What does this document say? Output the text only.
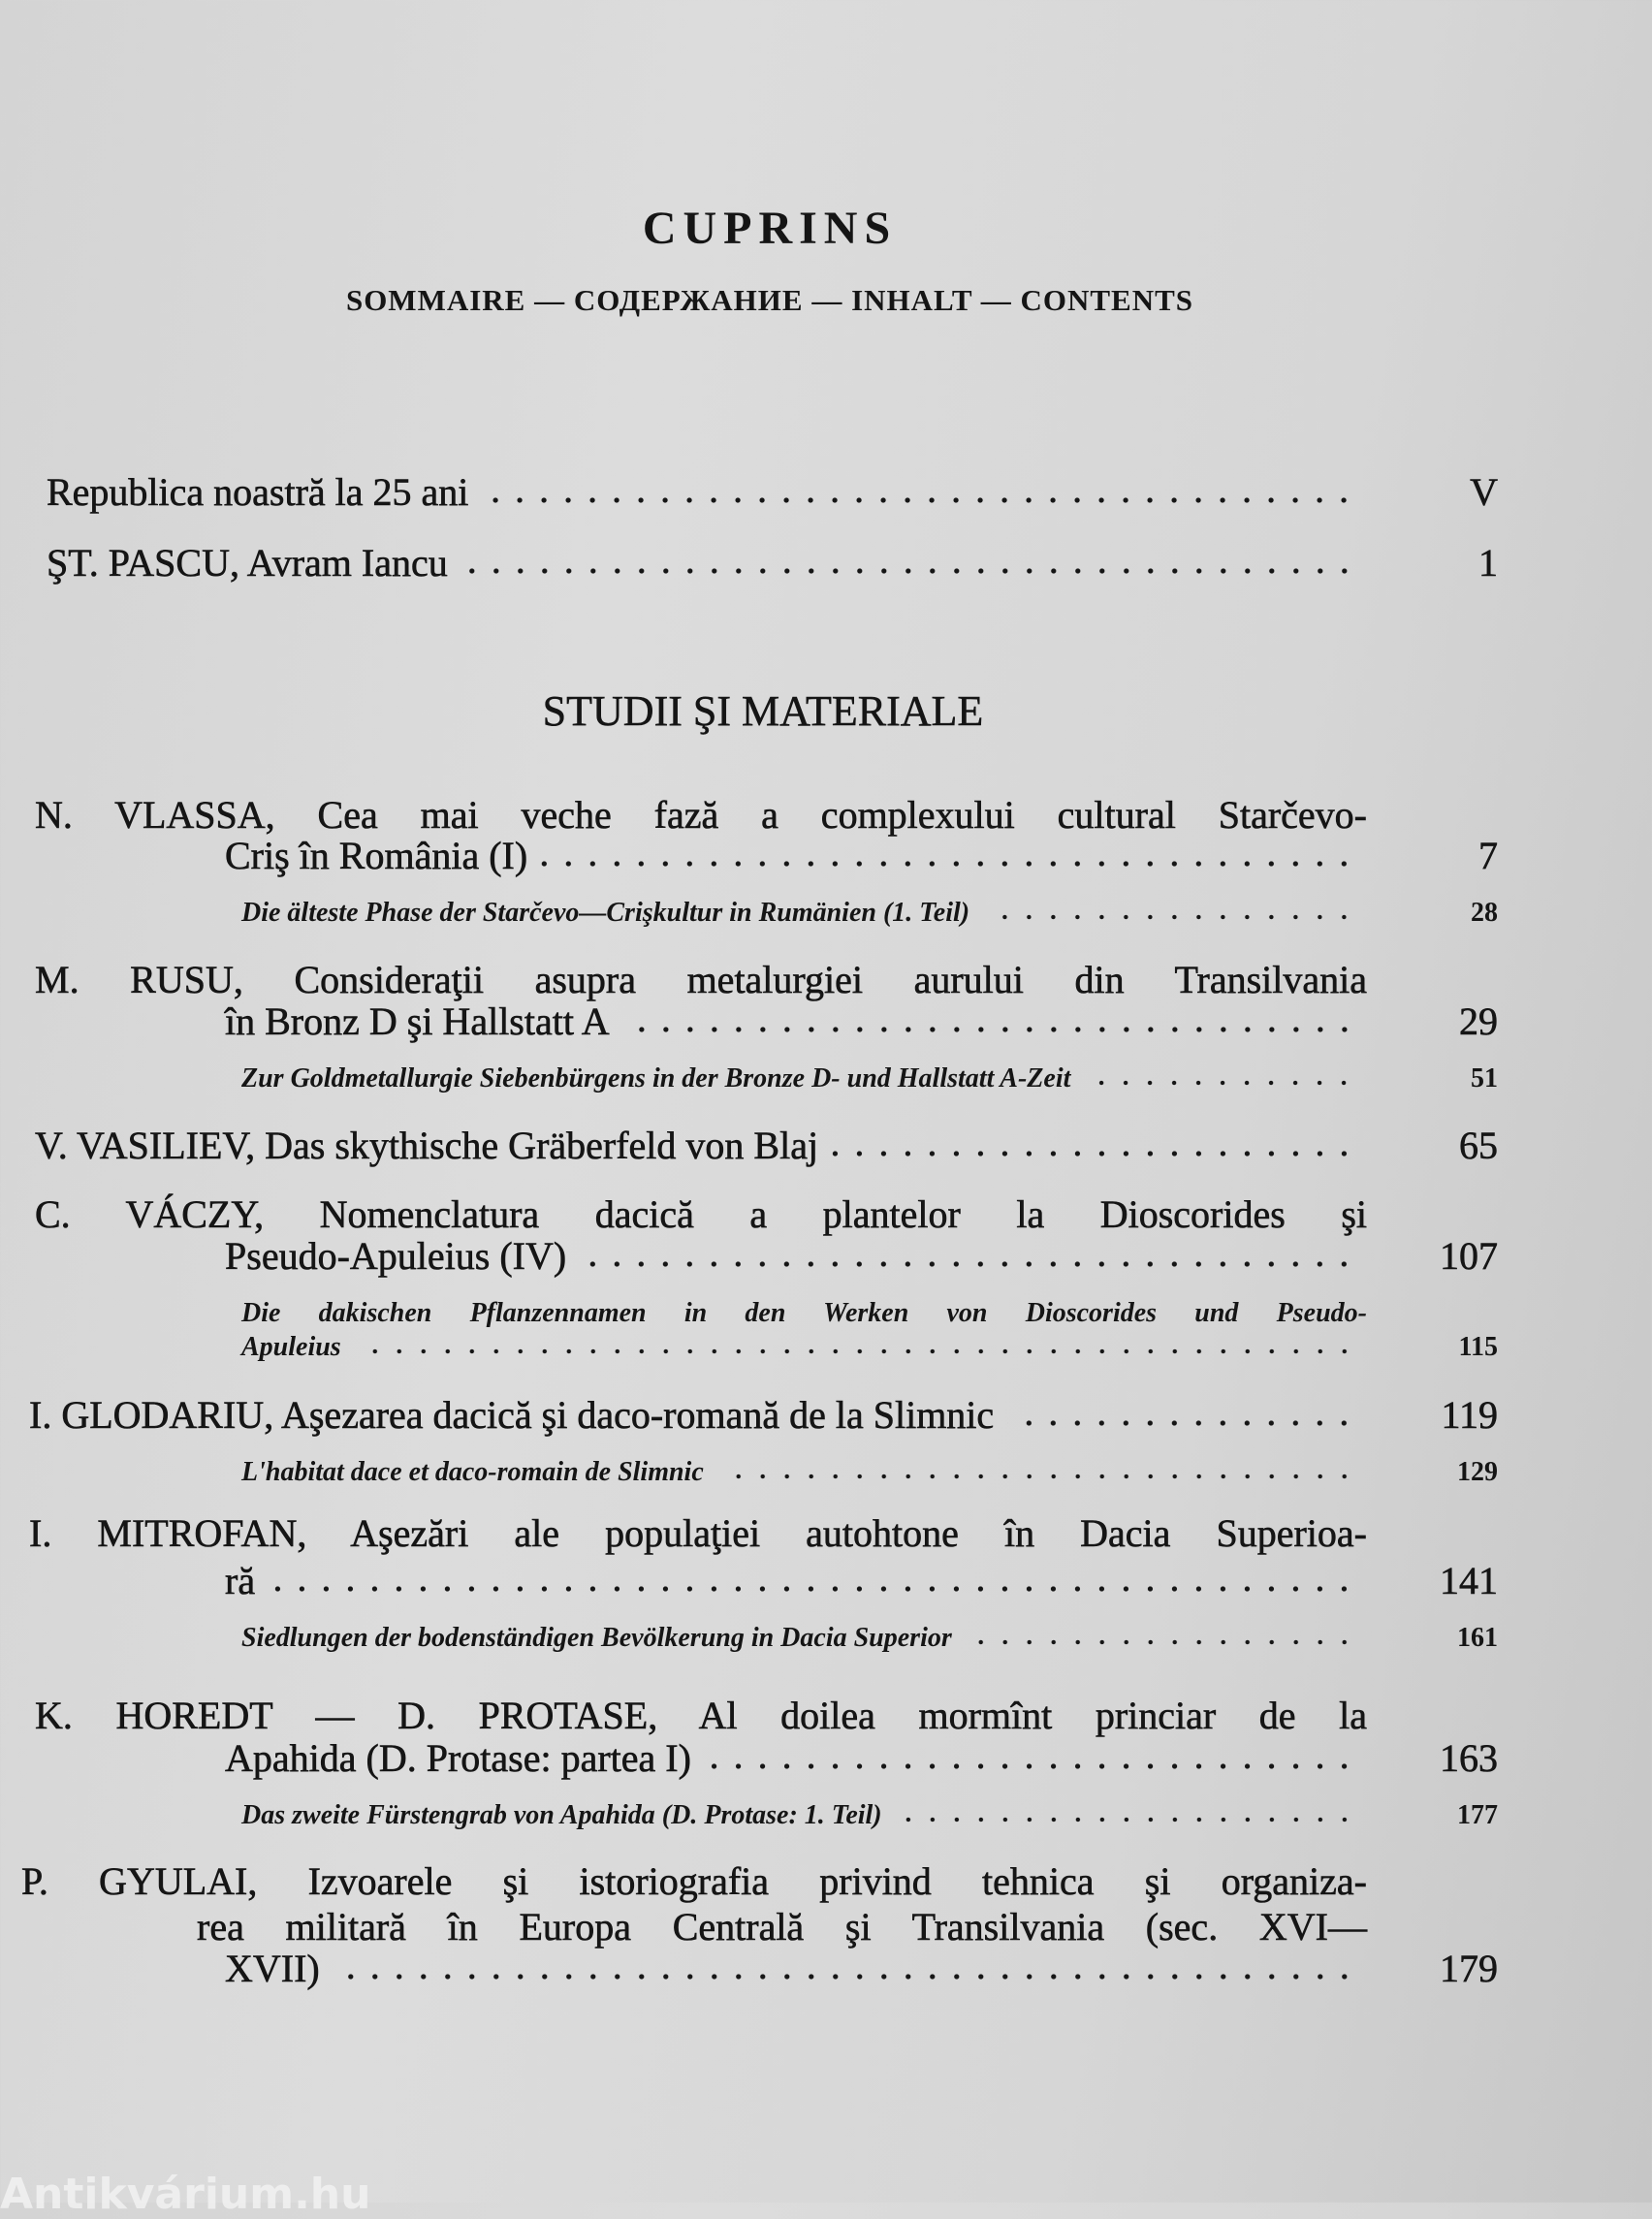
CUPRINS
SOMMAIRE — СОДЕРЖАНИЕ — INHALT — CONTENTS
STUDII ŞI MATERIALE
Republica noastră la 25 ani	V
ŞT. PASCU, Avram Iancu	1
N. VLASSA, Cea mai veche fază a complexului cultural Starčevo-
Criş în România (I)	7
Die älteste Phase der Starčevo—Crişkultur in Rumänien (1. Teil)	28
M. RUSU, Consideraţii asupra metalurgiei aurului din Transilvania
în Bronz D şi Hallstatt A	29
Zur Goldmetallurgie Siebenbürgens in der Bronze D- und Hallstatt A-Zeit	51
V. VASILIEV, Das skythische Gräberfeld von Blaj	65
C. VÁCZY, Nomenclatura dacică a plantelor la Dioscorides şi
Pseudo-Apuleius (IV)	107
Die dakischen Pflanzennamen in den Werken von Dioscorides und Pseudo-
Apuleius	115
I. GLODARIU, Aşezarea dacică şi daco-romană de la Slimnic	119
L'habitat dace et daco-romain de Slimnic	129
I. MITROFAN, Aşezări ale populaţiei autohtone în Dacia Superioa-
ră	141
Siedlungen der bodenständigen Bevölkerung in Dacia Superior	161
K. HOREDT — D. PROTASE, Al doilea mormînt princiar de la
Apahida (D. Protase: partea I)	163
Das zweite Fürstengrab von Apahida (D. Protase: 1. Teil)	177
P. GYULAI, Izvoarele şi istoriografia privind tehnica şi organiza-
rea militară în Europa Centrală şi Transilvania (sec. XVI—
XVII)	179
Antikvárium.hu
